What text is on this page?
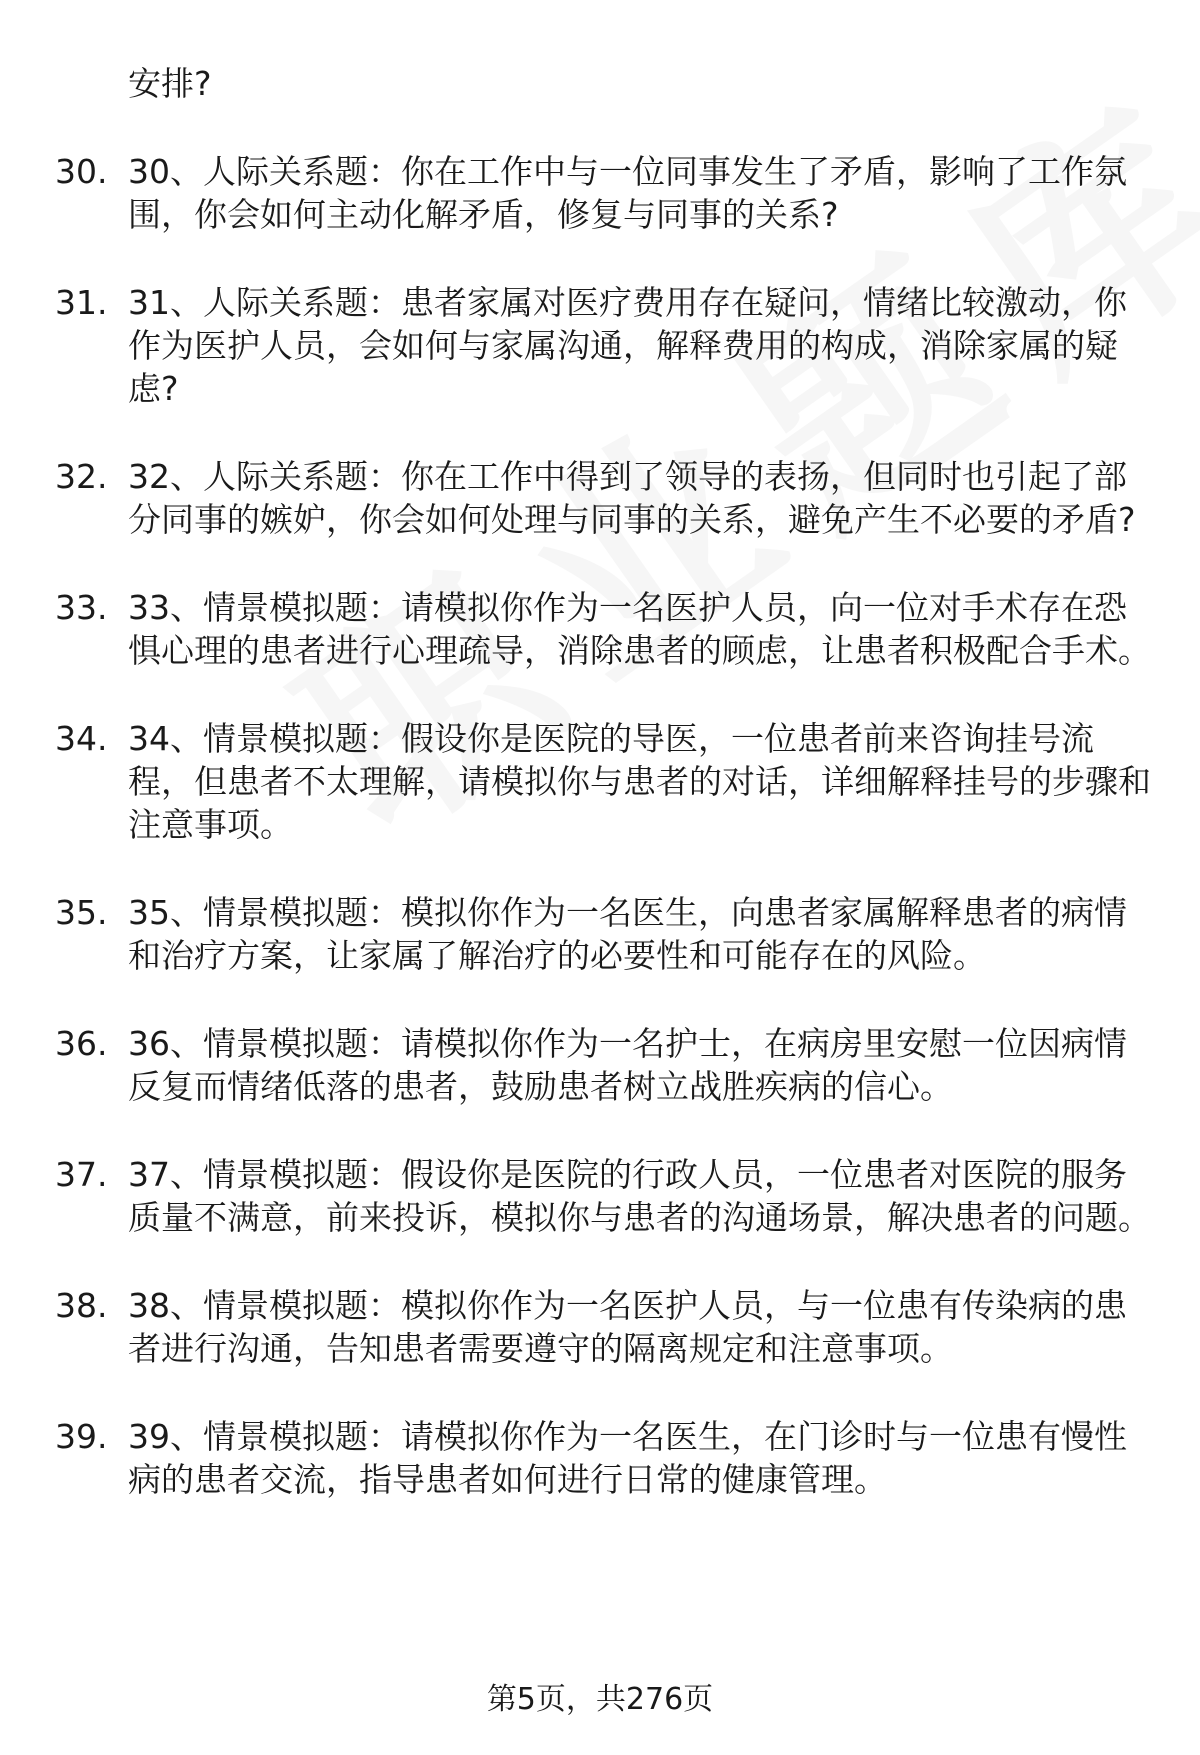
安排?

30. 30、人际关系题：你在工作中与一位同事发生了矛盾，影响了工作氛围，你会如何主动化解矛盾，修复与同事的关系?
31. 31、人际关系题：患者家属对医疗费用存在疑问，情绪比较激动，你作为医护人员，会如何与家属沟通，解释费用的构成，消除家属的疑虑?
32. 32、人际关系题：你在工作中得到了领导的表扬，但同时也引起了部分同事的嫉妒，你会如何处理与同事的关系，避免产生不必要的矛盾?
33. 33、情景模拟题：请模拟你作为一名医护人员，向一位对手术存在恐惧心理的患者进行心理疏导，消除患者的顾虑，让患者积极配合手术。
34. 34、情景模拟题：假设你是医院的导医，一位患者前来咨询挂号流程，但患者不太理解，请模拟你与患者的对话，详细解释挂号的步骤和注意事项。
35. 35、情景模拟题：模拟你作为一名医生，向患者家属解释患者的病情和治疗方案，让家属了解治疗的必要性和可能存在的风险。
36. 36、情景模拟题：请模拟你作为一名护士，在病房里安慰一位因病情反复而情绪低落的患者，鼓励患者树立战胜疾病的信心。
37. 37、情景模拟题：假设你是医院的行政人员，一位患者对医院的服务质量不满意，前来投诉，模拟你与患者的沟通场景，解决患者的问题。
38. 38、情景模拟题：模拟你作为一名医护人员，与一位患有传染病的患者进行沟通，告知患者需要遵守的隔离规定和注意事项。
39. 39、情景模拟题：请模拟你作为一名医生，在门诊时与一位患有慢性病的患者交流，指导患者如何进行日常的健康管理。
第5页，共276页
